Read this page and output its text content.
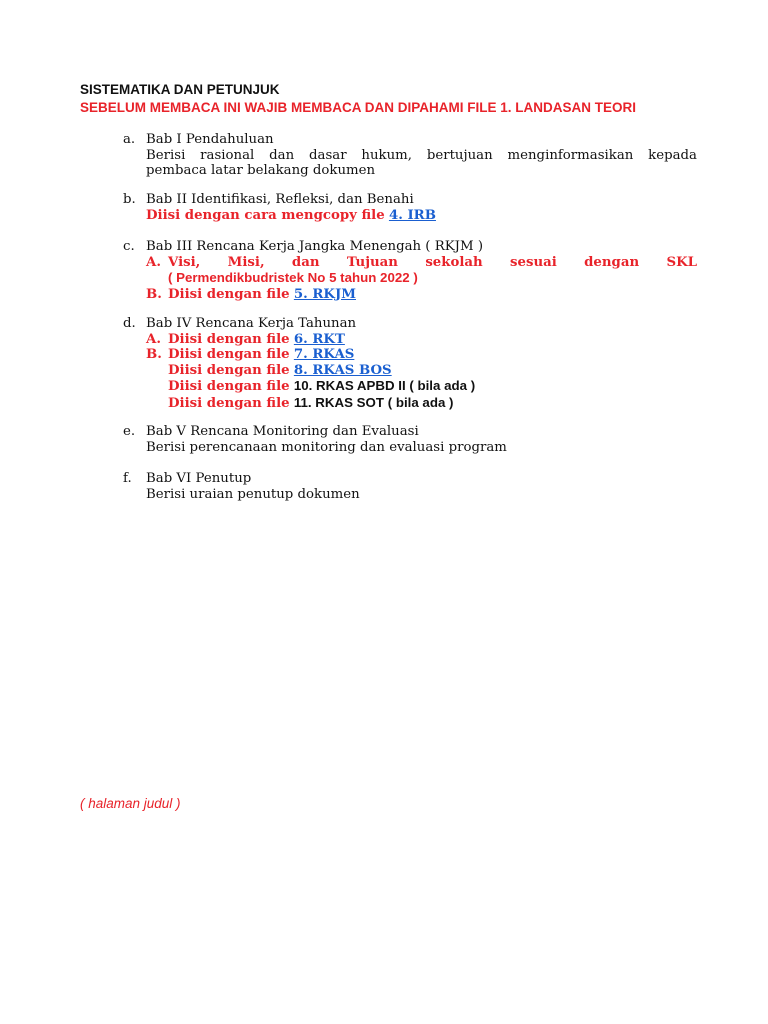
SISTEMATIKA DAN PETUNJUK
SEBELUM MEMBACA INI WAJIB MEMBACA DAN DIPAHAMI FILE 1. LANDASAN TEORI
a. Bab I Pendahuluan
Berisi rasional dan dasar hukum, bertujuan menginformasikan kepada
pembaca latar belakang dokumen
b. Bab II Identifikasi, Refleksi, dan Benahi
Diisi dengan cara mengcopy file 4. IRB
c. Bab III Rencana Kerja Jangka Menengah ( RKJM )
A. Visi, Misi, dan Tujuan sekolah sesuai dengan SKL
( Permendikbudristek No 5 tahun 2022 )
B. Diisi dengan file 5. RKJM
d. Bab IV Rencana Kerja Tahunan
A. Diisi dengan file 6. RKT
B. Diisi dengan file 7. RKAS
Diisi dengan file 8. RKAS BOS
Diisi dengan file 10. RKAS APBD II ( bila ada )
Diisi dengan file 11. RKAS SOT ( bila ada )
e. Bab V Rencana Monitoring dan Evaluasi
Berisi perencanaan monitoring dan evaluasi program
f.	Bab VI Penutup
Berisi uraian penutup dokumen
( halaman judul )
